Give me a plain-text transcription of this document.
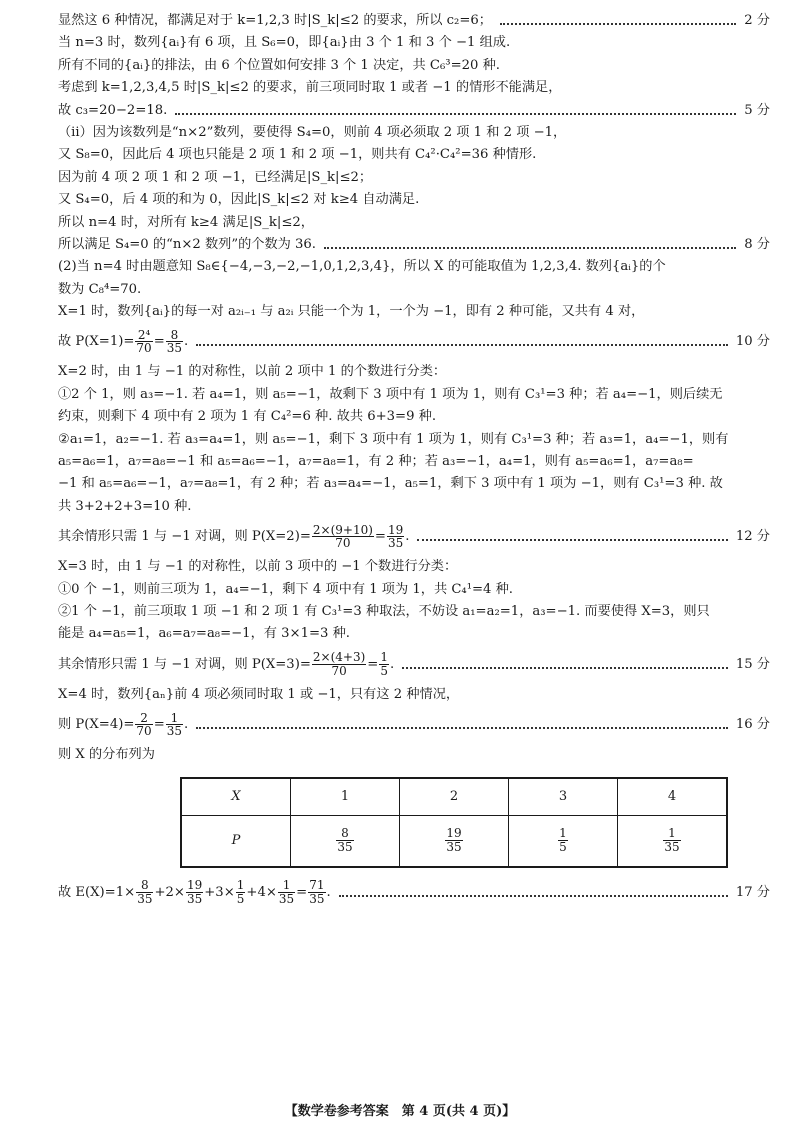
显然这 6 种情况，都满足对于 k=1,2,3 时|S_k|≤2 的要求，所以 c₂=6；	2 分
当 n=3 时，数列{aᵢ}有 6 项，且 S₆=0，即{aᵢ}由 3 个 1 和 3 个 −1 组成.
所有不同的{aᵢ}的排法，由 6 个位置如何安排 3 个 1 决定，共 C₆³=20 种.
考虑到 k=1,2,3,4,5 时|S_k|≤2 的要求，前三项同时取 1 或者 −1 的情形不能满足，
故 c₃=20−2=18.	5 分
（ⅱ）因为该数列是“n×2”数列，要使得 S₄=0，则前 4 项必须取 2 项 1 和 2 项 −1，
又 S₈=0，因此后 4 项也只能是 2 项 1 和 2 项 −1，则共有 C₄²·C₄²=36 种情形.
因为前 4 项 2 项 1 和 2 项 −1，已经满足|S_k|≤2；
又 S₄=0，后 4 项的和为 0，因此|S_k|≤2 对 k≥4 自动满足.
所以 n=4 时，对所有 k≥4 满足|S_k|≤2，
所以满足 S₄=0 的“n×2 数列”的个数为 36.	8 分
(2)当 n=4 时由题意知 S₈∈{−4,−3,−2,−1,0,1,2,3,4}，所以 X 的可能取值为 1,2,3,4. 数列{aᵢ}的个
数为 C₈⁴=70.
X=1 时，数列{aᵢ}的每一对 a₂ᵢ₋₁ 与 a₂ᵢ 只能一个为 1，一个为 −1，即有 2 种可能，又共有 4 对，
故 $P(X=1)= \frac{\text{2⁴}}{70} = \frac{8}{35}$ .	10 分
X=2 时，由 1 与 −1 的对称性，以前 2 项中 1 的个数进行分类：
①2 个 1，则 a₃=−1. 若 a₄=1，则 a₅=−1，故剩下 3 项中有 1 项为 1，则有 C₃¹=3 种；若 a₄=−1，则后续无
约束，则剩下 4 项中有 2 项为 1 有 C₄²=6 种. 故共 6+3=9 种.
②a₁=1，a₂=−1. 若 a₃=a₄=1，则 a₅=−1，剩下 3 项中有 1 项为 1，则有 C₃¹=3 种；若 a₃=1，a₄=−1，则有
a₅=a₆=1，a₇=a₈=−1 和 a₅=a₆=−1，a₇=a₈=1，有 2 种；若 a₃=−1，a₄=1，则有 a₅=a₆=1，a₇=a₈=
−1 和 a₅=a₆=−1，a₇=a₈=1，有 2 种；若 a₃=a₄=−1，a₅=1，剩下 3 项中有 1 项为 −1，则有 C₃¹=3 种. 故
共 3+2+2+3=10 种.
其余情形只需 1 与 −1 对调，则 $P(X=2)= \frac{2\times(9+10)}{70} = \frac{19}{35}$ .	12 分
X=3 时，由 1 与 −1 的对称性，以前 3 项中的 −1 个数进行分类：
①0 个 −1，则前三项为 1，a₄=−1，剩下 4 项中有 1 项为 1，共 C₄¹=4 种.
②1 个 −1，前三项取 1 项 −1 和 2 项 1 有 C₃¹=3 种取法，不妨设 a₁=a₂=1，a₃=−1. 而要使得 X=3，则只
能是 a₄=a₅=1，a₆=a₇=a₈=−1，有 3×1=3 种.
其余情形只需 1 与 −1 对调，则 $P(X=3)= \frac{2\times(4+3)}{70} = \frac{1}{5}$ .	15 分
X=4 时，数列{aₙ}前 4 项必须同时取 1 或 −1，只有这 2 种情况，
则 $P(X=4)= \frac{2}{70} = \frac{1}{35}$ .	16 分
则 X 的分布列为
X	1	2	3	4
P	$\frac{8}{35}$	$\frac{19}{35}$	$\frac{1}{5}$	$\frac{1}{35}$
故 $E(X)=1\times \frac{8}{35} +2\times \frac{19}{35} +3\times \frac{1}{5} +4\times \frac{1}{35} = \frac{71}{35}$ .	17 分
【数学卷参考答案　第 4 页(共 4 页)】
